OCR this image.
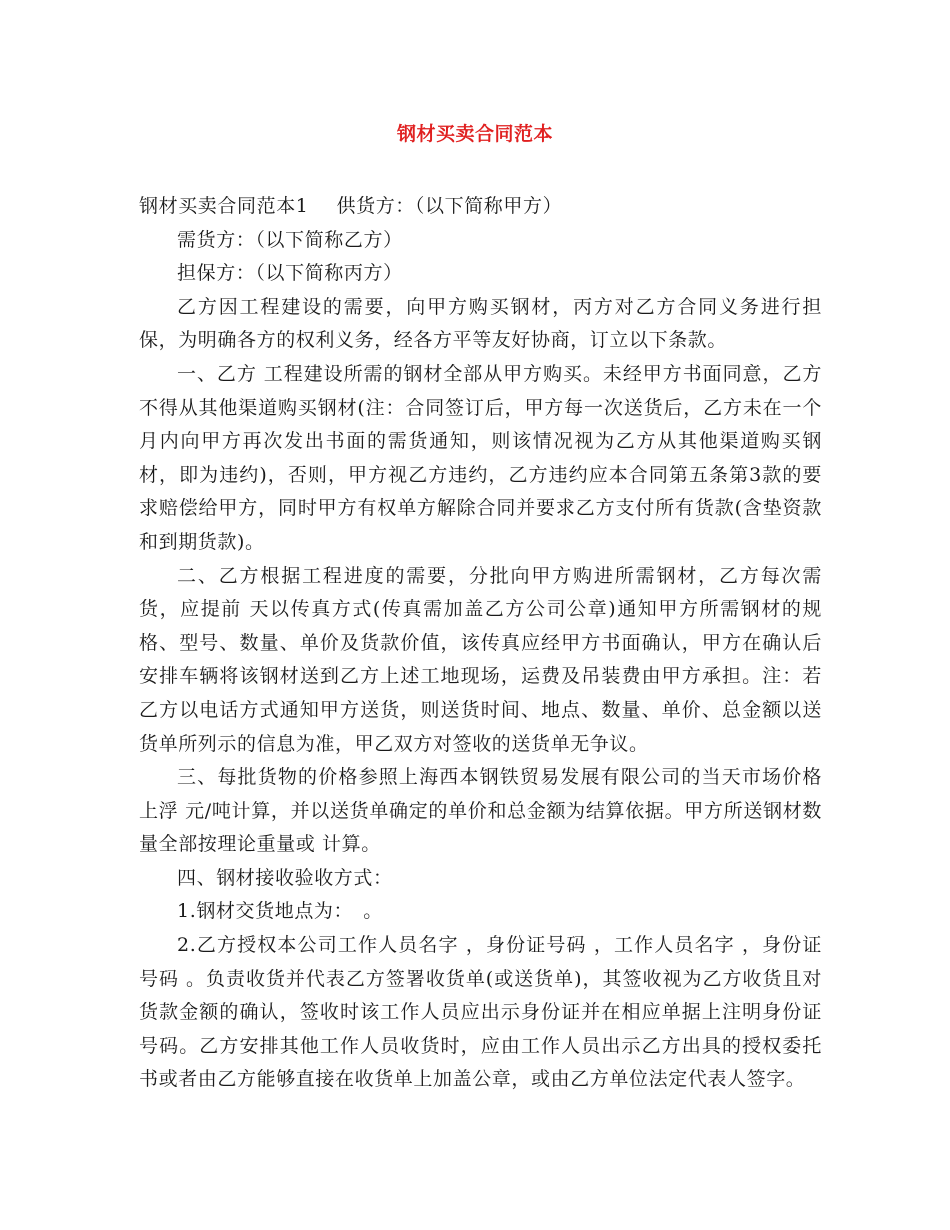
钢材买卖合同范本

钢材买卖合同范本1 供货方：（以下简称甲方）

需货方：（以下简称乙方）

担保方：（以下简称丙方）

乙方因工程建设的需要，向甲方购买钢材，丙方对乙方合同义务进行担保，为明确各方的权利义务，经各方平等友好协商，订立以下条款。

一、乙方 工程建设所需的钢材全部从甲方购买。未经甲方书面同意，乙方不得从其他渠道购买钢材(注：合同签订后，甲方每一次送货后，乙方未在一个月内向甲方再次发出书面的需货通知，则该情况视为乙方从其他渠道购买钢材，即为违约)，否则，甲方视乙方违约，乙方违约应本合同第五条第3款的要求赔偿给甲方，同时甲方有权单方解除合同并要求乙方支付所有货款(含垫资款和到期货款)。

二、乙方根据工程进度的需要，分批向甲方购进所需钢材，乙方每次需货，应提前 天以传真方式(传真需加盖乙方公司公章)通知甲方所需钢材的规格、型号、数量、单价及货款价值，该传真应经甲方书面确认，甲方在确认后安排车辆将该钢材送到乙方上述工地现场，运费及吊装费由甲方承担。注：若乙方以电话方式通知甲方送货，则送货时间、地点、数量、单价、总金额以送货单所列示的信息为准，甲乙双方对签收的送货单无争议。

三、每批货物的价格参照上海西本钢铁贸易发展有限公司的当天市场价格上浮 元/吨计算，并以送货单确定的单价和总金额为结算依据。甲方所送钢材数量全部按理论重量或 计算。

四、钢材接收验收方式：

1.钢材交货地点为：　。

2.乙方授权本公司工作人员名字 ，身份证号码 ，工作人员名字 ，身份证号码 。负责收货并代表乙方签署收货单(或送货单)，其签收视为乙方收货且对货款金额的确认，签收时该工作人员应出示身份证并在相应单据上注明身份证号码。乙方安排其他工作人员收货时，应由工作人员出示乙方出具的授权委托书或者由乙方能够直接在收货单上加盖公章，或由乙方单位法定代表人签字。
